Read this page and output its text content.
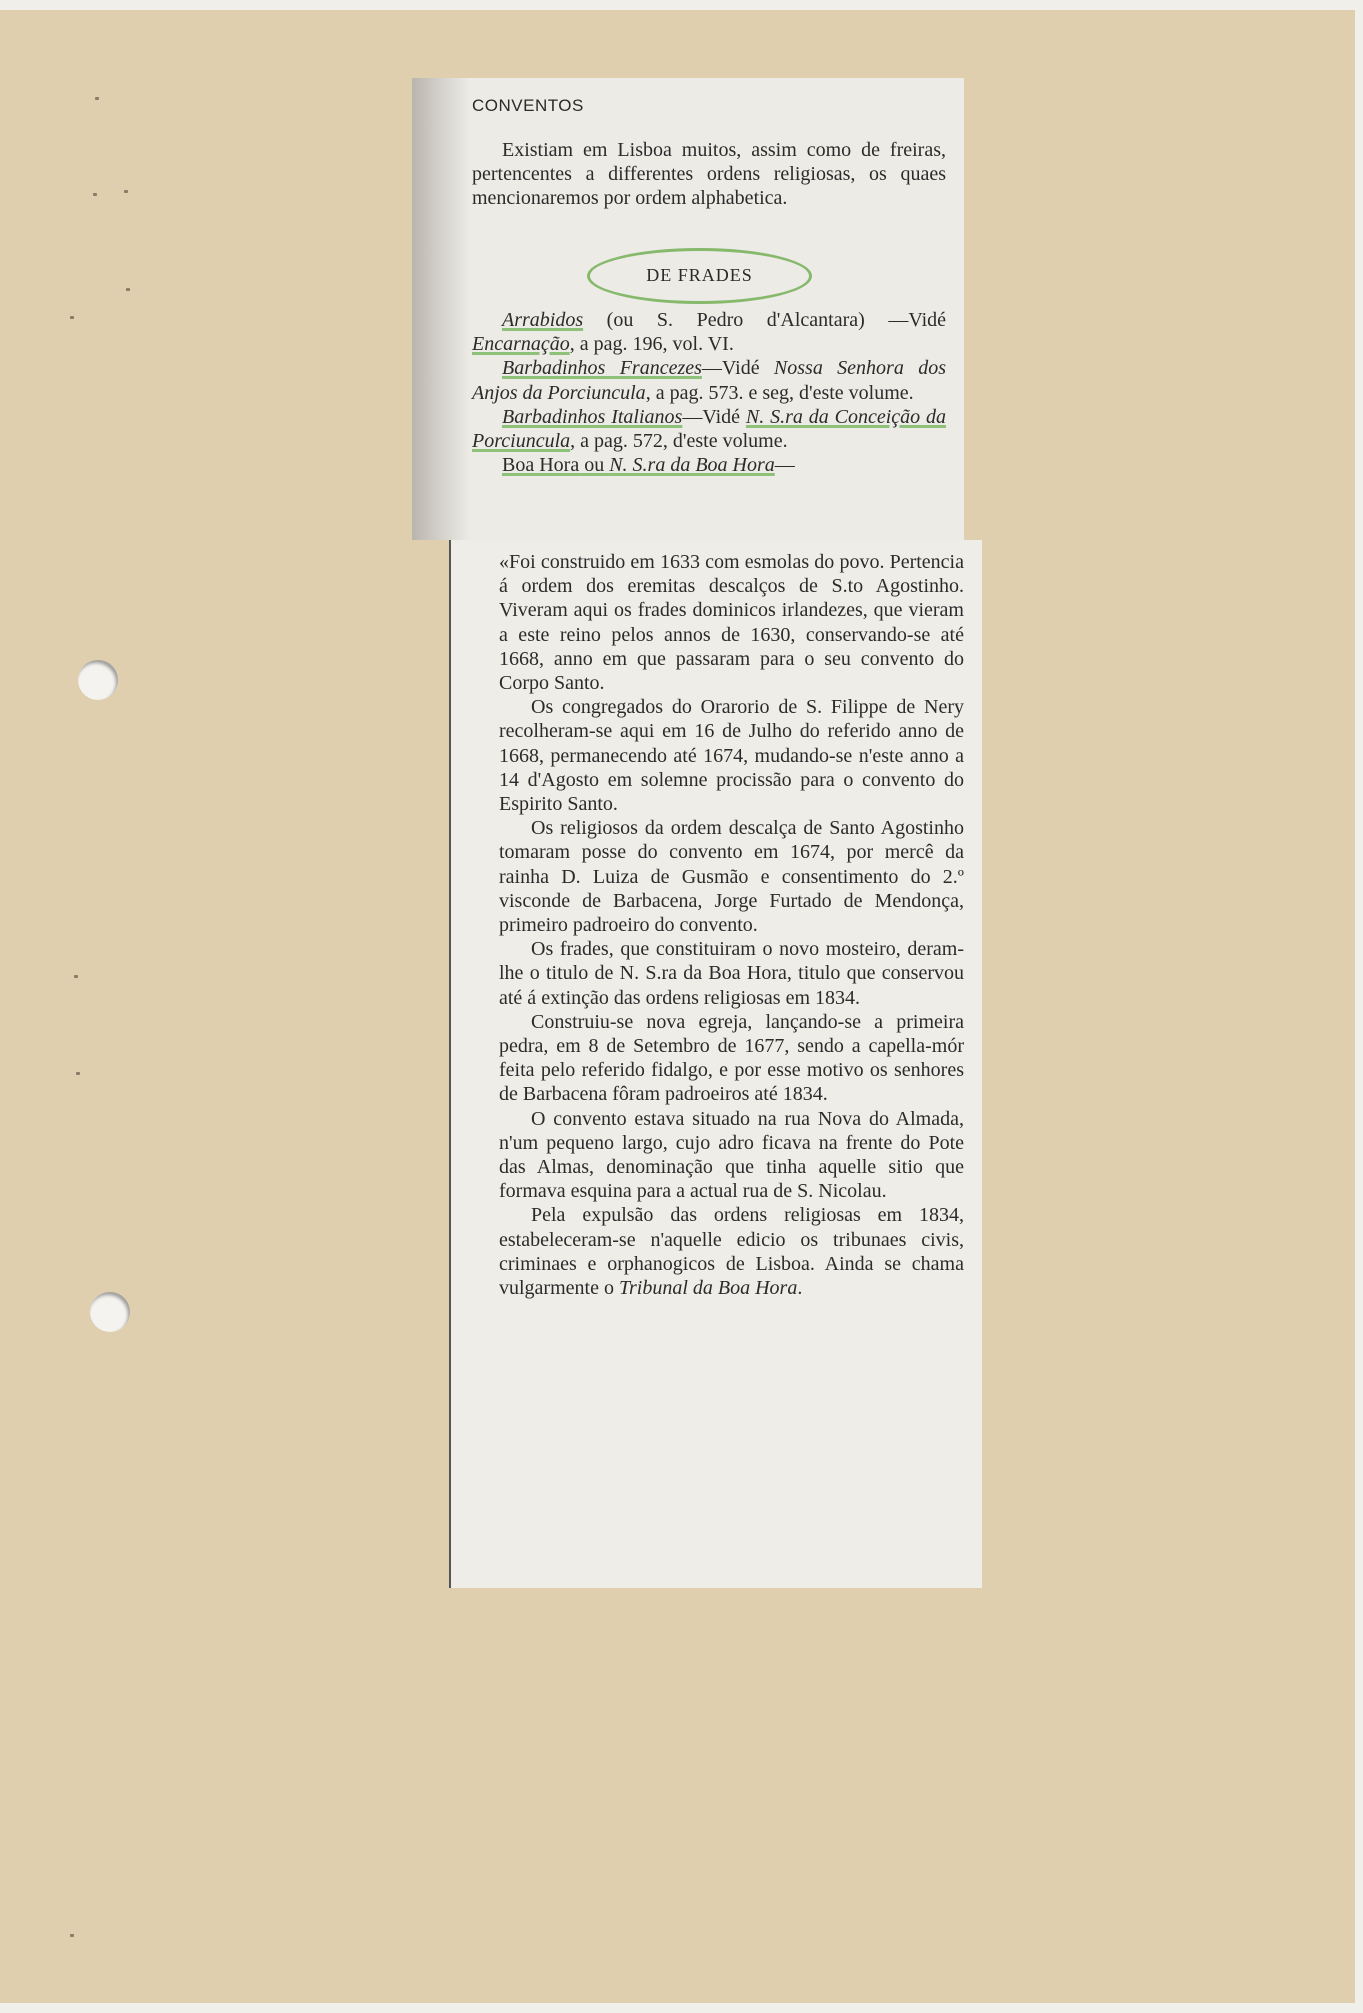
CONVENTOS
Existiam em Lisboa muitos, assim como de freiras, pertencentes a differentes ordens religiosas, os quaes mencionaremos por ordem alphabetica.
DE FRADES

Arrabidos (ou S. Pedro d'Alcantara) —Vidé Encarnação, a pag. 196, vol. VI.

Barbadinhos Francezes—Vidé Nossa Senhora dos Anjos da Porciuncula, a pag. 573. e seg, d'este volume.

Barbadinhos Italianos—Vidé N. S.ra da Conceição da Porciuncula, a pag. 572, d'este volume.

Boa Hora ou N. S.ra da Boa Hora—

«Foi construido em 1633 com esmolas do povo. Pertencia á ordem dos eremitas descalços de S.to Agostinho. Viveram aqui os frades dominicos irlandezes, que vieram a este reino pelos annos de 1630, conservando-se até 1668, anno em que passaram para o seu convento do Corpo Santo.

Os congregados do Orarorio de S. Filippe de Nery recolheram-se aqui em 16 de Julho do referido anno de 1668, permanecendo até 1674, mudando-se n'este anno a 14 d'Agosto em solemne procissão para o convento do Espirito Santo.

Os religiosos da ordem descalça de Santo Agostinho tomaram posse do convento em 1674, por mercê da rainha D. Luiza de Gusmão e consentimento do 2.º visconde de Barbacena, Jorge Furtado de Mendonça, primeiro padroeiro do convento.

Os frades, que constituiram o novo mosteiro, deram-lhe o titulo de N. S.ra da Boa Hora, titulo que conservou até á extinção das ordens religiosas em 1834.

Construiu-se nova egreja, lançando-se a primeira pedra, em 8 de Setembro de 1677, sendo a capella-mór feita pelo referido fidalgo, e por esse motivo os senhores de Barbacena fôram padroeiros até 1834.

O convento estava situado na rua Nova do Almada, n'um pequeno largo, cujo adro ficava na frente do Pote das Almas, denominação que tinha aquelle sitio que formava esquina para a actual rua de S. Nicolau.

Pela expulsão das ordens religiosas em 1834, estabeleceram-se n'aquelle edicio os tribunaes civis, criminaes e orphanogicos de Lisboa. Ainda se chama vulgarmente o Tribunal da Boa Hora.
